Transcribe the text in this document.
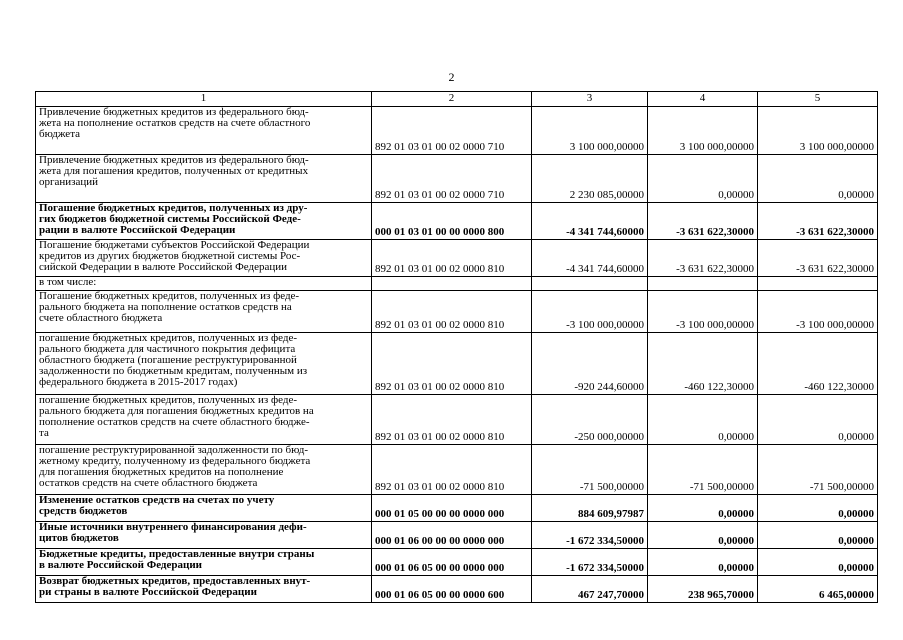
2
1	2	3	4	5

Привлечение бюджетных кредитов из федерального бюд-
жета на пополнение остатков средств на счете областного
бюджета	892 01 03 01 00 02 0000 710	3 100 000,00000	3 100 000,00000	3 100 000,00000

Привлечение бюджетных кредитов из федерального бюд-
жета для погашения кредитов, полученных от кредитных
организаций	892 01 03 01 00 02 0000 710	2 230 085,00000	0,00000	0,00000

Погашение бюджетных кредитов, полученных из дру-
гих бюджетов бюджетной системы Российской Феде-
рации в валюте Российской Федерации	000 01 03 01 00 00 0000 800	-4 341 744,60000	-3 631 622,30000	-3 631 622,30000

Погашение бюджетами субъектов Российской Федерации
кредитов из других бюджетов бюджетной системы Рос-
сийской Федерации в валюте Российской Федерации	892 01 03 01 00 02 0000 810	-4 341 744,60000	-3 631 622,30000	-3 631 622,30000

в том числе:				

Погашение бюджетных кредитов, полученных из феде-
рального бюджета на пополнение остатков средств на
счете областного бюджета	892 01 03 01 00 02 0000 810	-3 100 000,00000	-3 100 000,00000	-3 100 000,00000

погашение бюджетных кредитов, полученных из феде-
рального бюджета для частичного покрытия дефицита
областного бюджета (погашение реструктурированной
задолженности по бюджетным кредитам, полученным из
федерального бюджета в 2015-2017 годах)	892 01 03 01 00 02 0000 810	-920 244,60000	-460 122,30000	-460 122,30000

погашение бюджетных кредитов, полученных из феде-
рального бюджета для погашения бюджетных кредитов на
пополнение остатков средств на счете областного бюдже-
та	892 01 03 01 00 02 0000 810	-250 000,00000	0,00000	0,00000

погашение реструктурированной задолженности по бюд-
жетному кредиту, полученному из федерального бюджета
для погашения бюджетных кредитов на пополнение
остатков средств на счете областного бюджета	892 01 03 01 00 02 0000 810	-71 500,00000	-71 500,00000	-71 500,00000

Изменение остатков средств на счетах по учету
средств бюджетов	000 01 05 00 00 00 0000 000	884 609,97987	0,00000	0,00000

Иные источники внутреннего финансирования дефи-
цитов бюджетов	000 01 06 00 00 00 0000 000	-1 672 334,50000	0,00000	0,00000

Бюджетные кредиты, предоставленные внутри страны
в валюте Российской Федерации	000 01 06 05 00 00 0000 000	-1 672 334,50000	0,00000	0,00000

Возврат бюджетных кредитов, предоставленных внут-
ри страны в валюте Российской Федерации	000 01 06 05 00 00 0000 600	467 247,70000	238 965,70000	6 465,00000
